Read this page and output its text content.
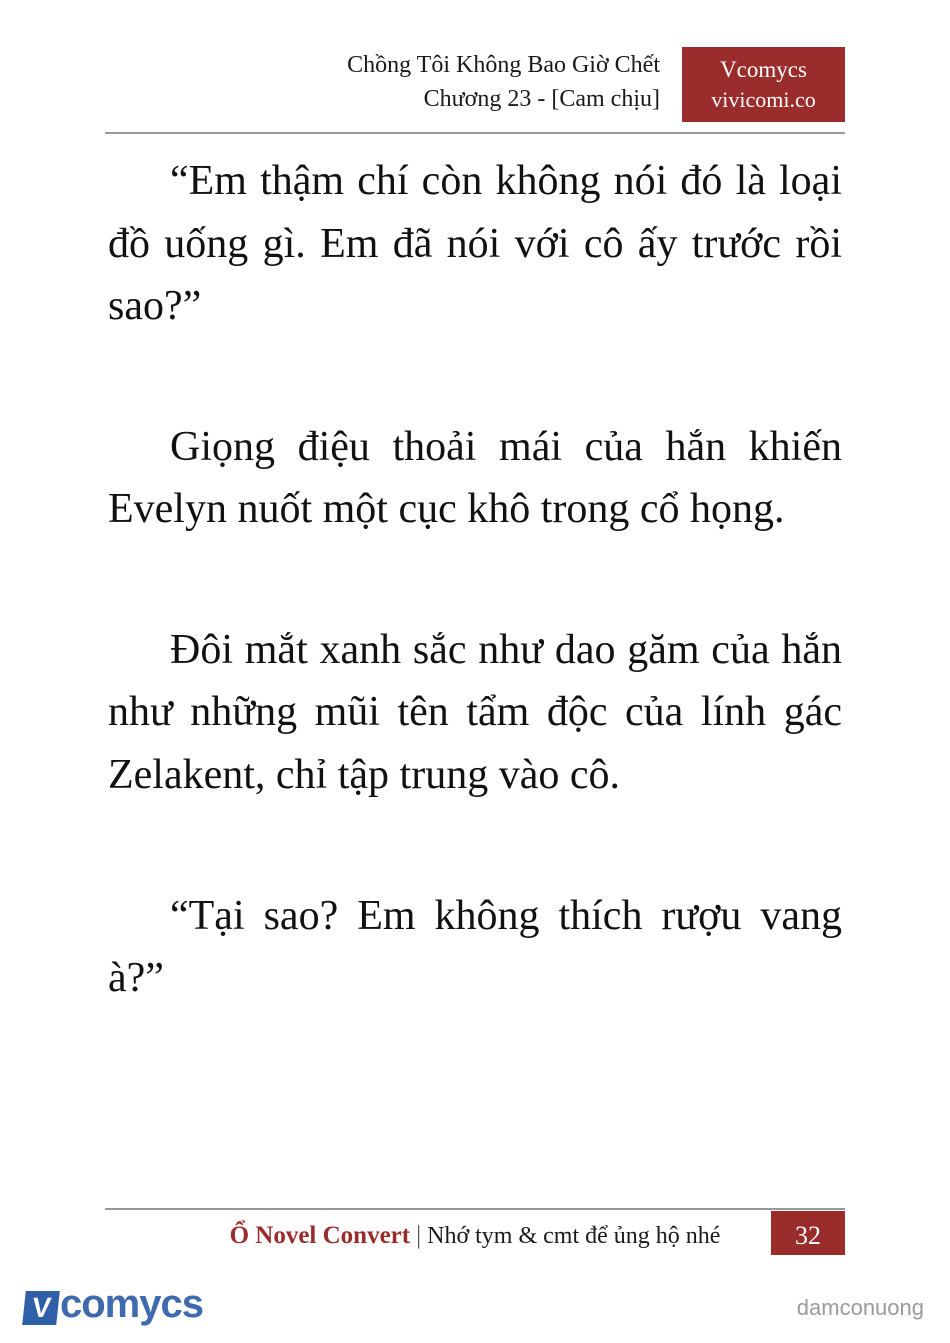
Chồng Tôi Không Bao Giờ Chết
Chương 23 - [Cam chịu]
Vcomycs
vivicomi.co

“Em thậm chí còn không nói đó là loại đồ uống gì. Em đã nói với cô ấy trước rồi sao?”

Giọng điệu thoải mái của hắn khiến Evelyn nuốt một cục khô trong cổ họng.

Đôi mắt xanh sắc như dao găm của hắn như những mũi tên tẩm độc của lính gác Zelakent, chỉ tập trung vào cô.

“Tại sao? Em không thích rượu vang à?”

Ổ Novel Convert | Nhớ tym & cmt để ủng hộ nhé	32
V comycs	damconuong
